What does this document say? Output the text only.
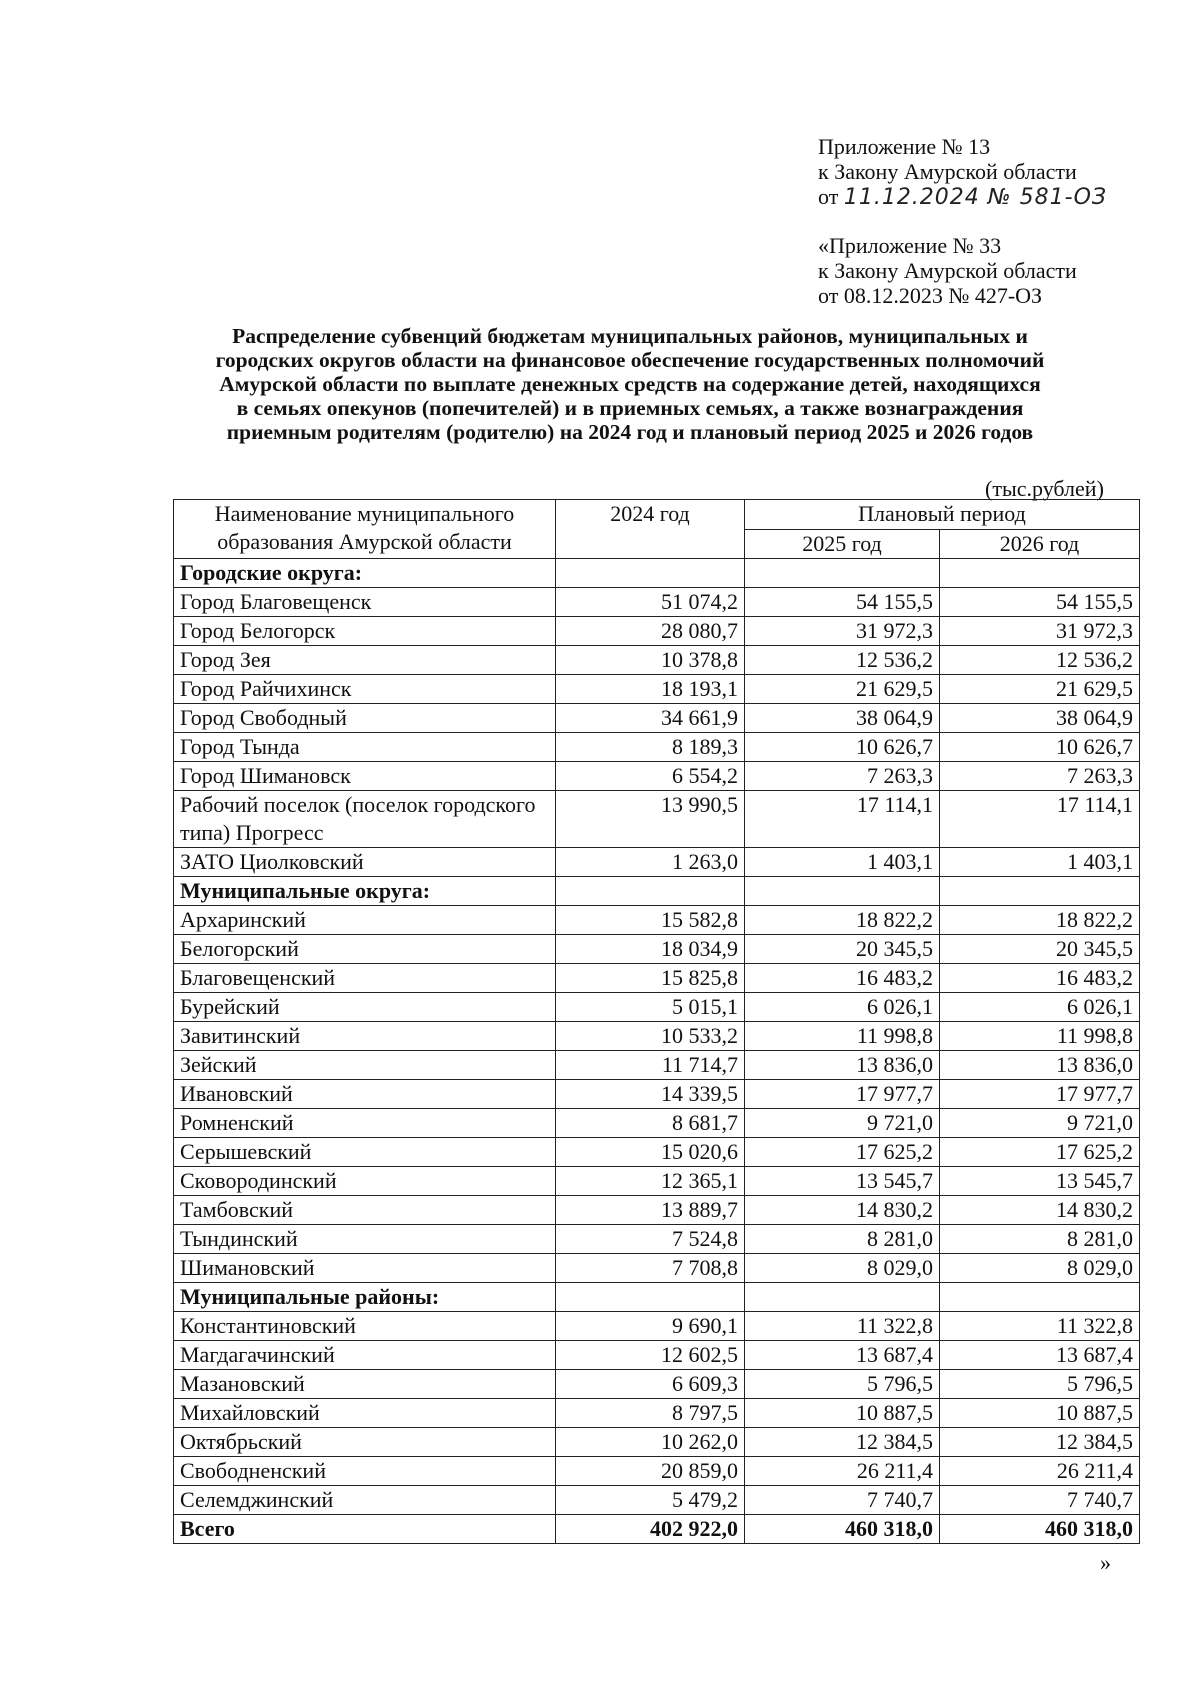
Приложение № 13
к Закону Амурской области
от 11.12.2024 № 581-ОЗ
«Приложение № 33
к Закону Амурской области
от 08.12.2023 № 427-ОЗ
Распределение субвенций бюджетам муниципальных районов, муниципальных и
городских округов области на финансовое обеспечение государственных полномочий
Амурской области по выплате денежных средств на содержание детей, находящихся
в семьях опекунов (попечителей) и в приемных семьях, а также вознаграждения
приемным родителям (родителю) на 2024 год и плановый период 2025 и 2026 годов
(тыс.рублей)
Наименование муниципального
образования Амурской области	2024 год	Плановый период	
		2025 год	2026 год
Городские округа:			
Город Благовещенск	51 074,2	54 155,5	54 155,5
Город Белогорск	28 080,7	31 972,3	31 972,3
Город Зея	10 378,8	12 536,2	12 536,2
Город Райчихинск	18 193,1	21 629,5	21 629,5
Город Свободный	34 661,9	38 064,9	38 064,9
Город Тында	8 189,3	10 626,7	10 626,7
Город Шимановск	6 554,2	7 263,3	7 263,3
Рабочий поселок (поселок городского типа) Прогресс	13 990,5	17 114,1	17 114,1
ЗАТО Циолковский	1 263,0	1 403,1	1 403,1
Муниципальные округа:			
Архаринский	15 582,8	18 822,2	18 822,2
Белогорский	18 034,9	20 345,5	20 345,5
Благовещенский	15 825,8	16 483,2	16 483,2
Бурейский	5 015,1	6 026,1	6 026,1
Завитинский	10 533,2	11 998,8	11 998,8
Зейский	11 714,7	13 836,0	13 836,0
Ивановский	14 339,5	17 977,7	17 977,7
Ромненский	8 681,7	9 721,0	9 721,0
Серышевский	15 020,6	17 625,2	17 625,2
Сковородинский	12 365,1	13 545,7	13 545,7
Тамбовский	13 889,7	14 830,2	14 830,2
Тындинский	7 524,8	8 281,0	8 281,0
Шимановский	7 708,8	8 029,0	8 029,0
Муниципальные районы:			
Константиновский	9 690,1	11 322,8	11 322,8
Магдагачинский	12 602,5	13 687,4	13 687,4
Мазановский	6 609,3	5 796,5	5 796,5
Михайловский	8 797,5	10 887,5	10 887,5
Октябрьский	10 262,0	12 384,5	12 384,5
Свободненский	20 859,0	26 211,4	26 211,4
Селемджинский	5 479,2	7 740,7	7 740,7
Всего	402 922,0	460 318,0	460 318,0
»
